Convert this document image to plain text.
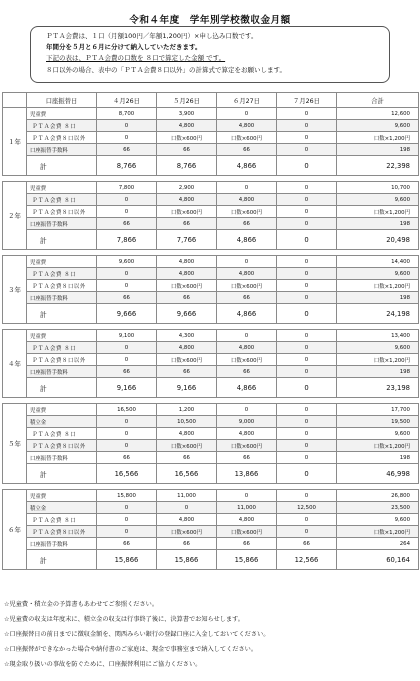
令和４年度　学年別学校徴収金月額
ＰＴＡ会費は、１口（月額100円／年額1,200円）×申し込み口数です。
年間分を５月と６月に分けて納入していただきます。
下記の表は、ＰＴＡ会費の口数を ８口で算定した金額 です。
８口以外の場合、表中の「ＰＴＡ会費８口以外」の計算式で算定をお願いします。
	口座振替日	４月26日	５月26日	６月27日	７月26日	合計
１年	児童費	8,700	3,900	0	0	12,600
	ＰＴＡ会費 ８口	0	4,800	4,800	0	9,600
	ＰＴＡ会費８口以外	0	口数×600円	口数×600円	0	口数×1,200円
	口座振替手数料	66	66	66	0	198
	計	8,766	8,766	4,866	0	22,398

２年	児童費	7,800	2,900	0	0	10,700
	ＰＴＡ会費 ８口	0	4,800	4,800	0	9,600
	ＰＴＡ会費８口以外	0	口数×600円	口数×600円	0	口数×1,200円
	口座振替手数料	66	66	66	0	198
	計	7,866	7,766	4,866	0	20,498

３年	児童費	9,600	4,800	0	0	14,400
	ＰＴＡ会費 ８口	0	4,800	4,800	0	9,600
	ＰＴＡ会費８口以外	0	口数×600円	口数×600円	0	口数×1,200円
	口座振替手数料	66	66	66	0	198
	計	9,666	9,666	4,866	0	24,198

４年	児童費	9,100	4,300	0	0	13,400
	ＰＴＡ会費 ８口	0	4,800	4,800	0	9,600
	ＰＴＡ会費８口以外	0	口数×600円	口数×600円	0	口数×1,200円
	口座振替手数料	66	66	66	0	198
	計	9,166	9,166	4,866	0	23,198

５年	児童費	16,500	1,200	0	0	17,700
	積立金	0	10,500	9,000	0	19,500
	ＰＴＡ会費 ８口	0	4,800	4,800	0	9,600
	ＰＴＡ会費８口以外	0	口数×600円	口数×600円	0	口数×1,200円
	口座振替手数料	66	66	66	0	198
	計	16,566	16,566	13,866	0	46,998

６年	児童費	15,800	11,000	0	0	26,800
	積立金	0	0	11,000	12,500	23,500
	ＰＴＡ会費 ８口	0	4,800	4,800	0	9,600
	ＰＴＡ会費８口以外	0	口数×600円	口数×600円	0	口数×1,200円
	口座振替手数料	66	66	66	66	264
	計	15,866	15,866	15,866	12,566	60,164
☆児童費・積立金の予算書もあわせてご参照ください。
☆児童費の収支は年度末に、積立金の収支は行事終了後に、決算書でお知らせします。
☆口座振替日の前日までに徴収金額を、関西みらい銀行の登録口座に入金しておいてください。
☆口座振替ができなかった場合や納付書のご家庭は、現金で事務室まで納入してください。
☆現金取り扱いの事故を防ぐために、口座振替利用にご協力ください。
